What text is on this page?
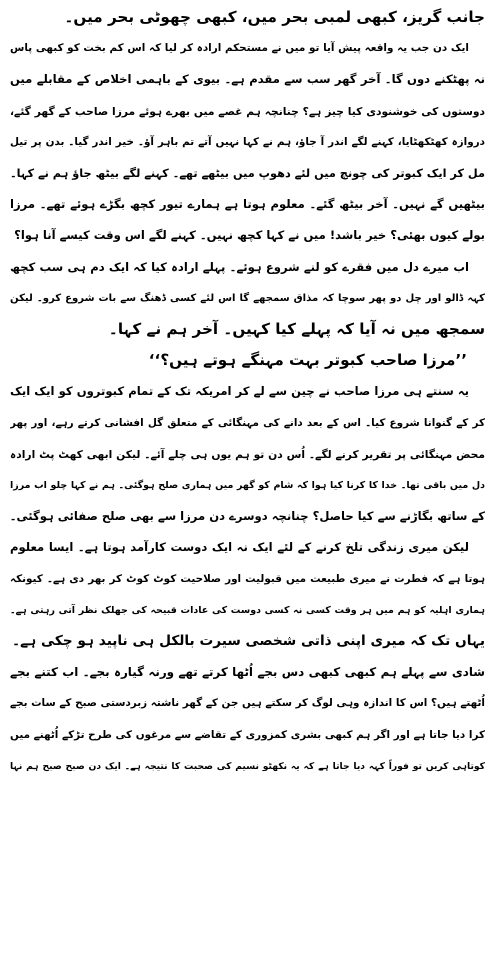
جانب گریز، کبھی لمبی بحر میں، کبھی چھوٹی بحر میں۔
ایک دن جب یہ واقعہ پیش آیا تو میں نے مستحکم ارادہ کر لیا کہ اس کم بخت کو کبھی پاس
نہ پھٹکنے دوں گا۔ آخر گھر سب سے مقدم ہے۔ بیوی کے باہمی اخلاص کے مقابلے میں
دوستوں کی خوشنودی کیا چیز ہے؟ چنانچہ ہم غصے میں بھرے ہوئے مرزا صاحب کے گھر گئے،
دروازہ کھٹکھٹایا، کہنے لگے اندر آ جاؤ، ہم نے کہا نہیں آتے تم باہر آؤ۔ خیر اندر گیا۔ بدن پر تیل
مل کر ایک کبوتر کی چونچ میں لئے دھوپ میں بیٹھے تھے۔ کہنے لگے بیٹھ جاؤ ہم نے کہا۔
بیٹھیں گے نہیں۔ آخر بیٹھ گئے۔ معلوم ہوتا ہے ہمارے تیور کچھ بگڑے ہوئے تھے۔ مرزا
بولے کیوں بھئی؟ خیر باشد! میں نے کہا کچھ نہیں۔ کہنے لگے اس وقت کیسے آنا ہوا؟
اب میرے دل میں فقرے کو لنے شروع ہوئے۔ پہلے ارادہ کیا کہ ایک دم ہی سب کچھ
کہہ ڈالو اور چل دو پھر سوچا کہ مذاق سمجھے گا اس لئے کسی ڈھنگ سے بات شروع کرو۔ لیکن
سمجھ میں نہ آیا کہ پہلے کیا کہیں۔ آخر ہم نے کہا۔
’’مرزا صاحب کبوتر بہت مہنگے ہوتے ہیں؟‘‘
یہ سنتے ہی مرزا صاحب نے چین سے لے کر امریکہ تک کے تمام کبوتروں کو ایک ایک
کر کے گنوانا شروع کیا۔ اس کے بعد دانے کی مہنگائی کے متعلق گل افشانی کرتے رہے، اور پھر
محض مہنگائی پر تقریر کرنے لگے۔ اُس دن تو ہم یوں ہی چلے آئے۔ لیکن ابھی کھٹ پٹ ارادہ
دل میں باقی تھا۔ خدا کا کرنا کیا ہوا کہ شام کو گھر میں ہماری صلح ہوگئی۔ ہم نے کہا چلو اب مرزا
کے ساتھ بگاڑنے سے کیا حاصل؟ چنانچہ دوسرے دن مرزا سے بھی صلح صفائی ہوگئی۔
لیکن میری زندگی تلخ کرنے کے لئے ایک نہ ایک دوست کارآمد ہوتا ہے۔ ایسا معلوم
ہوتا ہے کہ فطرت نے میری طبیعت میں قبولیت اور صلاحیت کوٹ کوٹ کر بھر دی ہے۔ کیونکہ
ہماری اہلیہ کو ہم میں ہر وقت کسی نہ کسی دوست کی عادات قبیحہ کی جھلک نظر آتی رہتی ہے۔
یہاں تک کہ میری اپنی ذاتی شخصی سیرت بالکل ہی ناپید ہو چکی ہے۔
شادی سے پہلے ہم کبھی کبھی دس بجے اُٹھا کرتے تھے ورنہ گیارہ بجے۔ اب کتنے بجے
اُٹھتے ہیں؟ اس کا اندازہ وہی لوگ کر سکتے ہیں جن کے گھر ناشتہ زبردستی صبح کے سات بجے
کرا دیا جاتا ہے اور اگر ہم کبھی بشری کمزوری کے تقاضے سے مرغوں کی طرح تڑکے اُٹھنے میں
کوتاہی کریں تو فوراً کہہ دیا جاتا ہے کہ یہ نکھٹو نسیم کی صحبت کا نتیجہ ہے۔ ایک دن صبح صبح ہم نہا
